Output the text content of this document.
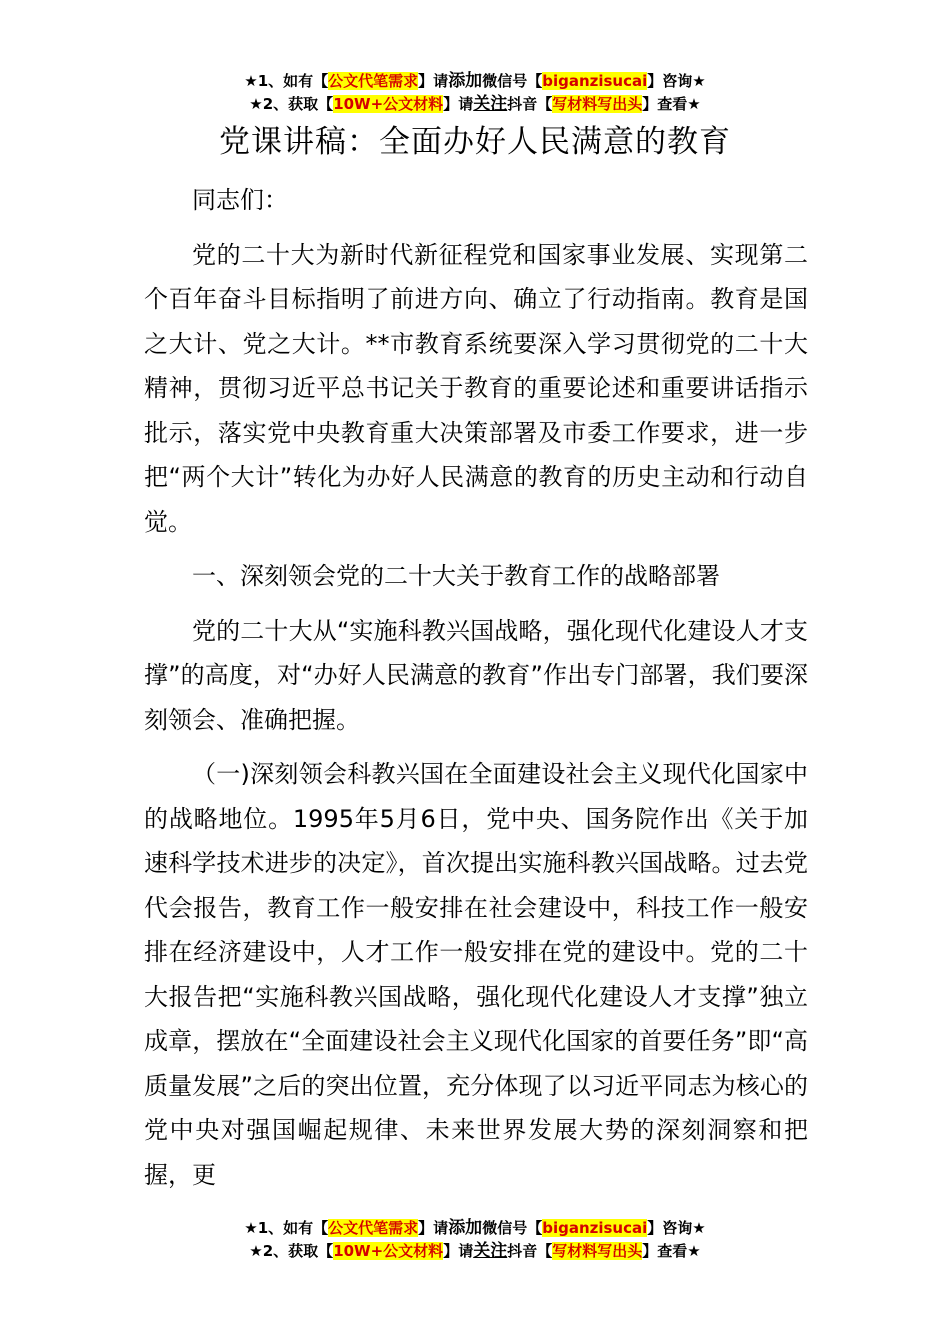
★1、如有【公文代笔需求】请添加微信号【biganzisucai】咨询★
★2、获取【10W+公文材料】请关注抖音【写材料写出头】查看★
党课讲稿：全面办好人民满意的教育

同志们：

党的二十大为新时代新征程党和国家事业发展、实现第二个百年奋斗目标指明了前进方向、确立了行动指南。教育是国之大计、党之大计。**市教育系统要深入学习贯彻党的二十大精神，贯彻习近平总书记关于教育的重要论述和重要讲话指示批示，落实党中央教育重大决策部署及市委工作要求，进一步把“两个大计”转化为办好人民满意的教育的历史主动和行动自觉。

一、深刻领会党的二十大关于教育工作的战略部署

党的二十大从“实施科教兴国战略，强化现代化建设人才支撑”的高度，对“办好人民满意的教育”作出专门部署，我们要深刻领会、准确把握。

（一)深刻领会科教兴国在全面建设社会主义现代化国家中的战略地位。1995年5月6日，党中央、国务院作出《关于加速科学技术进步的决定》，首次提出实施科教兴国战略。过去党代会报告，教育工作一般安排在社会建设中，科技工作一般安排在经济建设中，人才工作一般安排在党的建设中。党的二十大报告把“实施科教兴国战略，强化现代化建设人才支撑”独立成章，摆放在“全面建设社会主义现代化国家的首要任务”即“高质量发展”之后的突出位置，充分体现了以习近平同志为核心的党中央对强国崛起规律、未来世界发展大势的深刻洞察和把握，更

★1、如有【公文代笔需求】请添加微信号【biganzisucai】咨询★
★2、获取【10W+公文材料】请关注抖音【写材料写出头】查看★
